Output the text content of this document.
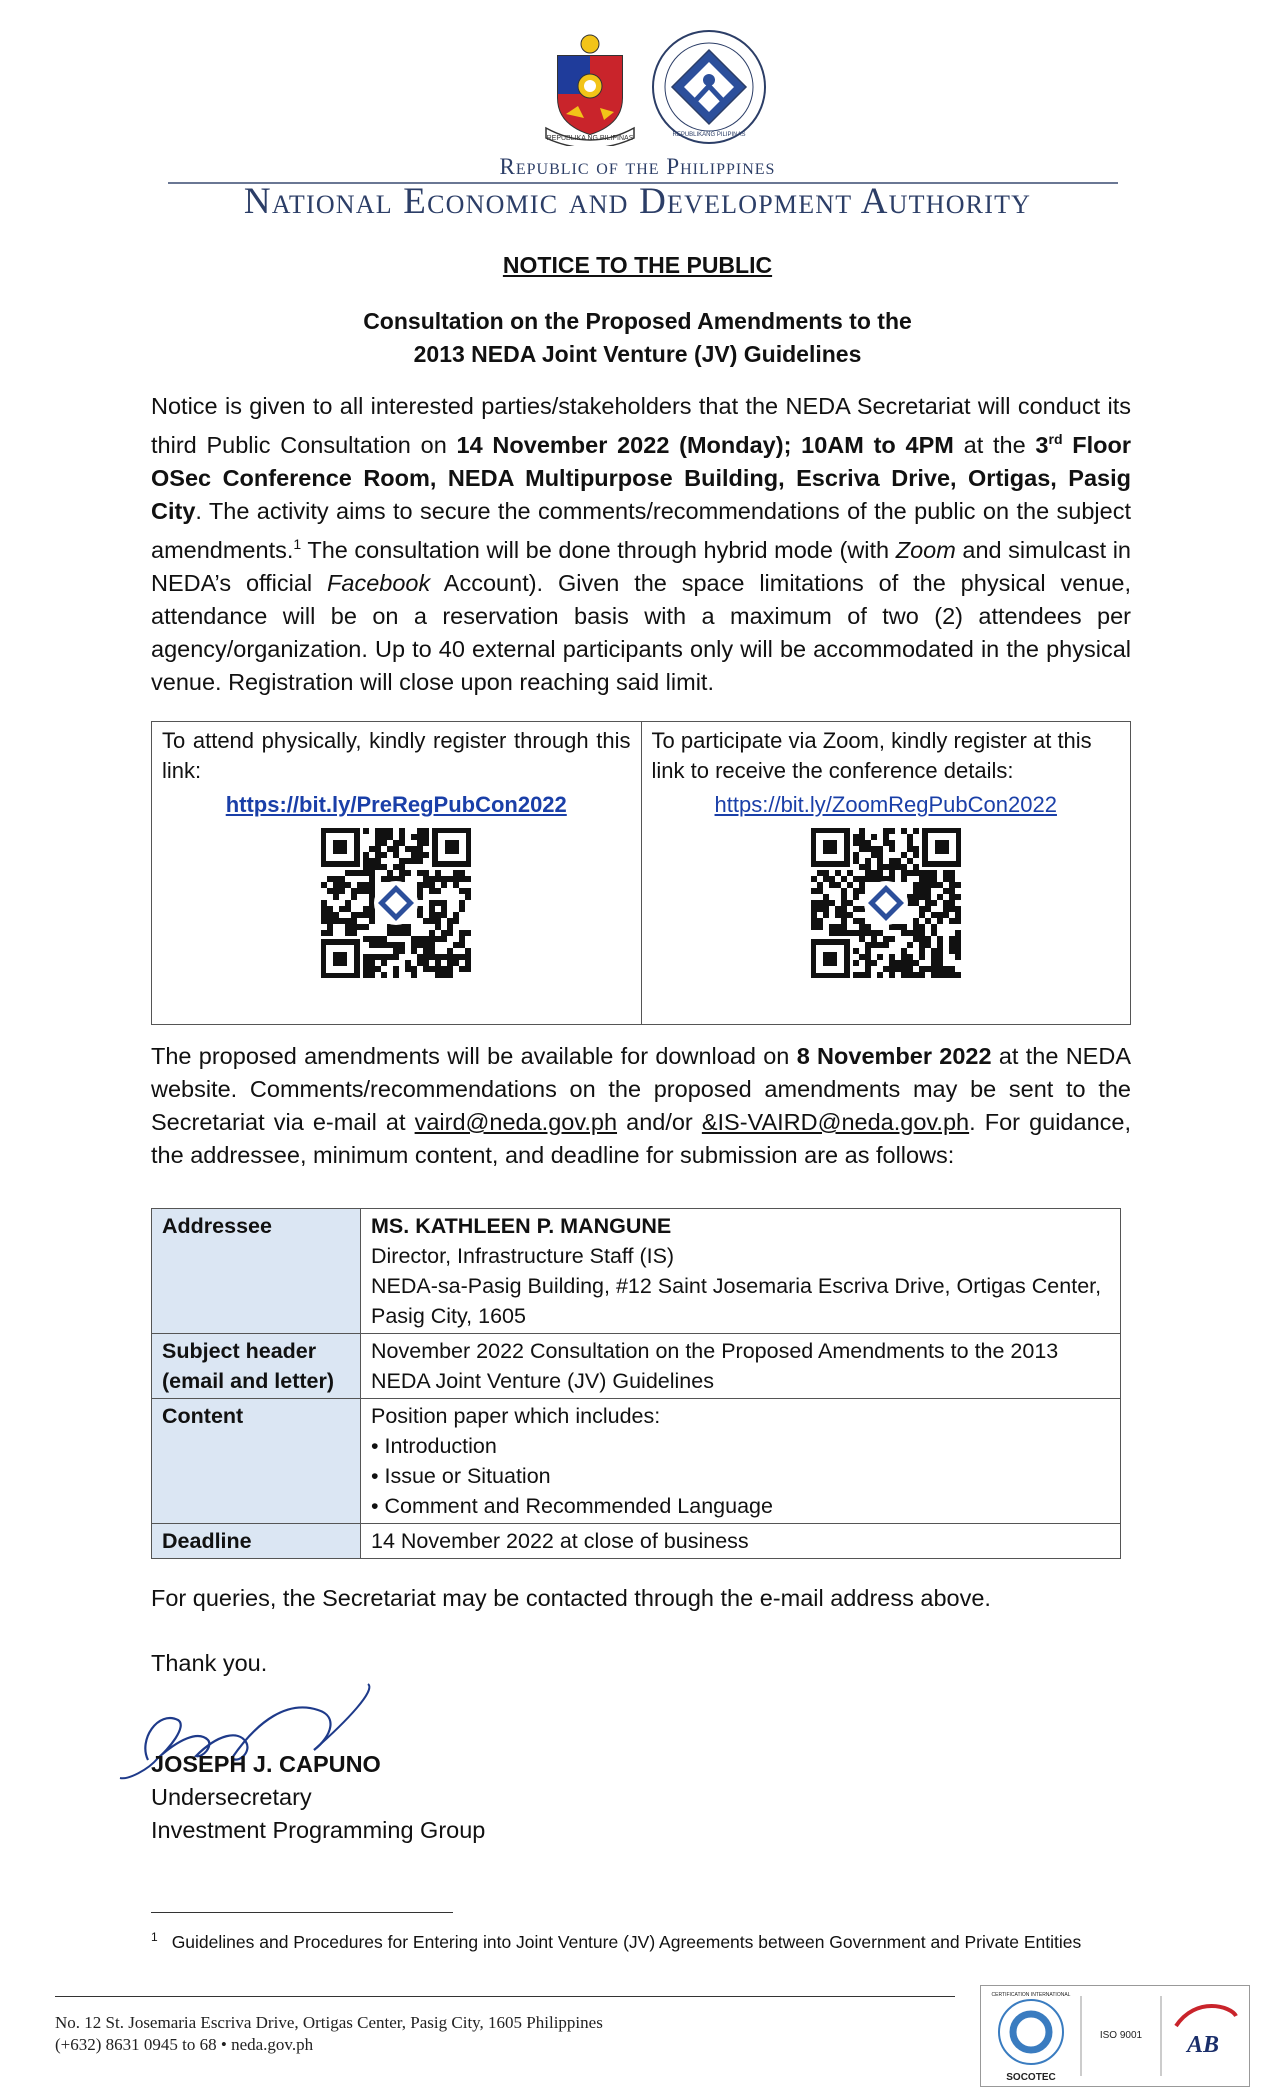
REPUBLIKA NG PILIPINAS	REPUBLIKANG PILIPINAS
Republic of the Philippines
National Economic and Development Authority
NOTICE TO THE PUBLIC
Consultation on the Proposed Amendments to the
2013 NEDA Joint Venture (JV) Guidelines
Notice is given to all interested parties/stakeholders that the NEDA Secretariat will conduct its third Public Consultation on 14 November 2022 (Monday); 10AM to 4PM at the 3rd Floor OSec Conference Room, NEDA Multipurpose Building, Escriva Drive, Ortigas, Pasig City. The activity aims to secure the comments/recommendations of the public on the subject amendments.$^1$ The consultation will be done through hybrid mode (with Zoom and simulcast in NEDA’s official Facebook Account). Given the space limitations of the physical venue, attendance will be on a reservation basis with a maximum of two (2) attendees per agency/organization. Up to 40 external participants only will be accommodated in the physical venue. Registration will close upon reaching said limit.
To attend physically, kindly register through this link:
https://bit.ly/PreRegPubCon2022

To participate via Zoom, kindly register at this link to receive the conference details:
https://bit.ly/ZoomRegPubCon2022
The proposed amendments will be available for download on 8 November 2022 at the NEDA website. Comments/recommendations on the proposed amendments may be sent to the Secretariat via e-mail at vaird@neda.gov.ph and/or &IS-VAIRD@neda.gov.ph. For guidance, the addressee, minimum content, and deadline for submission are as follows:
Addressee	MS. KATHLEEN P. MANGUNE
Director, Infrastructure Staff (IS)
NEDA-sa-Pasig Building, #12 Saint Josemaria Escriva Drive, Ortigas Center, Pasig City, 1605

Subject header
(email and letter)	November 2022 Consultation on the Proposed Amendments to the 2013 NEDA Joint Venture (JV) Guidelines
Content	Position paper which includes:
• Introduction
• Issue or Situation
• Comment and Recommended Language

Deadline	14 November 2022 at close of business
For queries, the Secretariat may be contacted through the e-mail address above.
Thank you.
JOSEPH J. CAPUNO
Undersecretary
Investment Programming Group
$^1$ Guidelines and Procedures for Entering into Joint Venture (JV) Agreements between Government and Private Entities
No. 12 St. Josemaria Escriva Drive, Ortigas Center, Pasig City, 1605 Philippines
(+632) 8631 0945 to 68 • neda.gov.ph
SOCOTEC
CERTIFICATION INTERNATIONAL
ISO 9001 AB
